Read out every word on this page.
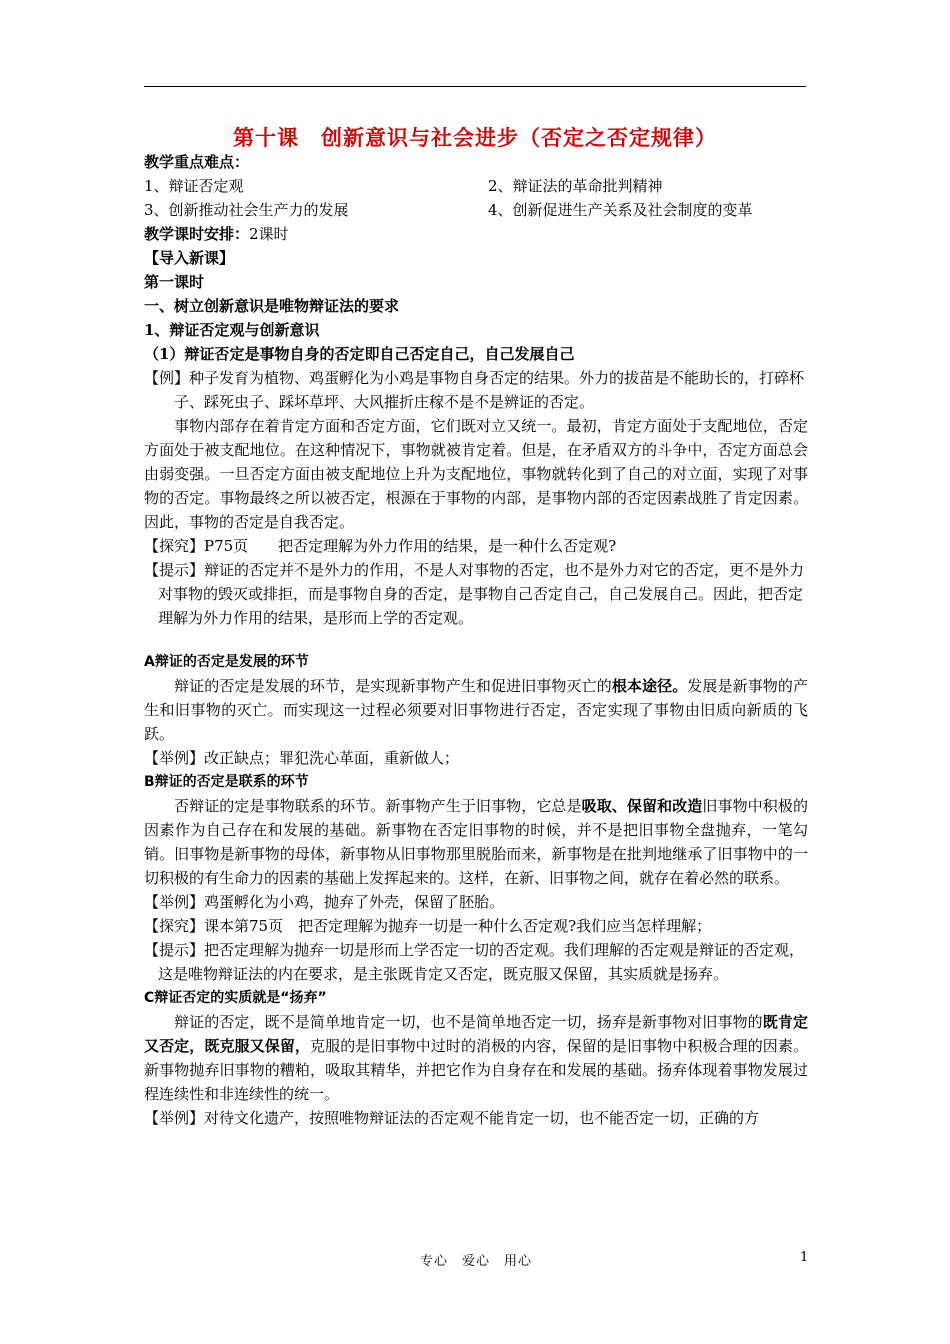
第十课　创新意识与社会进步（否定之否定规律）
教学重点难点：
1、辩证否定观	2、辩证法的革命批判精神
3、创新推动社会生产力的发展	4、创新促进生产关系及社会制度的变革
教学课时安排：2课时
【导入新课】
第一课时
一、树立创新意识是唯物辩证法的要求
1、辩证否定观与创新意识
（1）辩证否定是事物自身的否定即自己否定自己，自己发展自己
【例】种子发育为植物、鸡蛋孵化为小鸡是事物自身否定的结果。外力的拔苗是不能助长的，打碎杯子、踩死虫子、踩坏草坪、大风摧折庄稼不是不是辨证的否定。
事物内部存在着肯定方面和否定方面，它们既对立又统一。最初，肯定方面处于支配地位，否定方面处于被支配地位。在这种情况下，事物就被肯定着。但是，在矛盾双方的斗争中，否定方面总会由弱变强。一旦否定方面由被支配地位上升为支配地位，事物就转化到了自己的对立面，实现了对事物的否定。事物最终之所以被否定，根源在于事物的内部，是事物内部的否定因素战胜了肯定因素。因此，事物的否定是自我否定。
【探究】P75页　　把否定理解为外力作用的结果，是一种什么否定观?
【提示】辩证的否定并不是外力的作用，不是人对事物的否定，也不是外力对它的否定，更不是外力对事物的毁灭或排拒，而是事物自身的否定，是事物自己否定自己，自己发展自己。因此，把否定理解为外力作用的结果，是形而上学的否定观。
A辩证的否定是发展的环节
辩证的否定是发展的环节，是实现新事物产生和促进旧事物灭亡的根本途径。发展是新事物的产生和旧事物的灭亡。而实现这一过程必须要对旧事物进行否定，否定实现了事物由旧质向新质的飞跃。
【举例】改正缺点；罪犯洗心革面，重新做人；
B辩证的否定是联系的环节
否辩证的定是事物联系的环节。新事物产生于旧事物，它总是吸取、保留和改造旧事物中积极的因素作为自己存在和发展的基础。新事物在否定旧事物的时候，并不是把旧事物全盘抛弃，一笔勾销。旧事物是新事物的母体，新事物从旧事物那里脱胎而来，新事物是在批判地继承了旧事物中的一切积极的有生命力的因素的基础上发挥起来的。这样，在新、旧事物之间，就存在着必然的联系。
【举例】鸡蛋孵化为小鸡，抛弃了外壳，保留了胚胎。
【探究】课本第75页　把否定理解为抛弃一切是一种什么否定观?我们应当怎样理解；
【提示】把否定理解为抛弃一切是形而上学否定一切的否定观。我们理解的否定观是辩证的否定观，这是唯物辩证法的内在要求，是主张既肯定又否定，既克服又保留，其实质就是扬弃。
C辩证否定的实质就是“扬弃”
辩证的否定，既不是简单地肯定一切，也不是简单地否定一切，扬弃是新事物对旧事物的既肯定又否定，既克服又保留，克服的是旧事物中过时的消极的内容，保留的是旧事物中积极合理的因素。新事物抛弃旧事物的糟粕，吸取其精华，并把它作为自身存在和发展的基础。扬弃体现着事物发展过程连续性和非连续性的统一。
【举例】对待文化遗产，按照唯物辩证法的否定观不能肯定一切，也不能否定一切，正确的方
专心　爱心　用心	1
